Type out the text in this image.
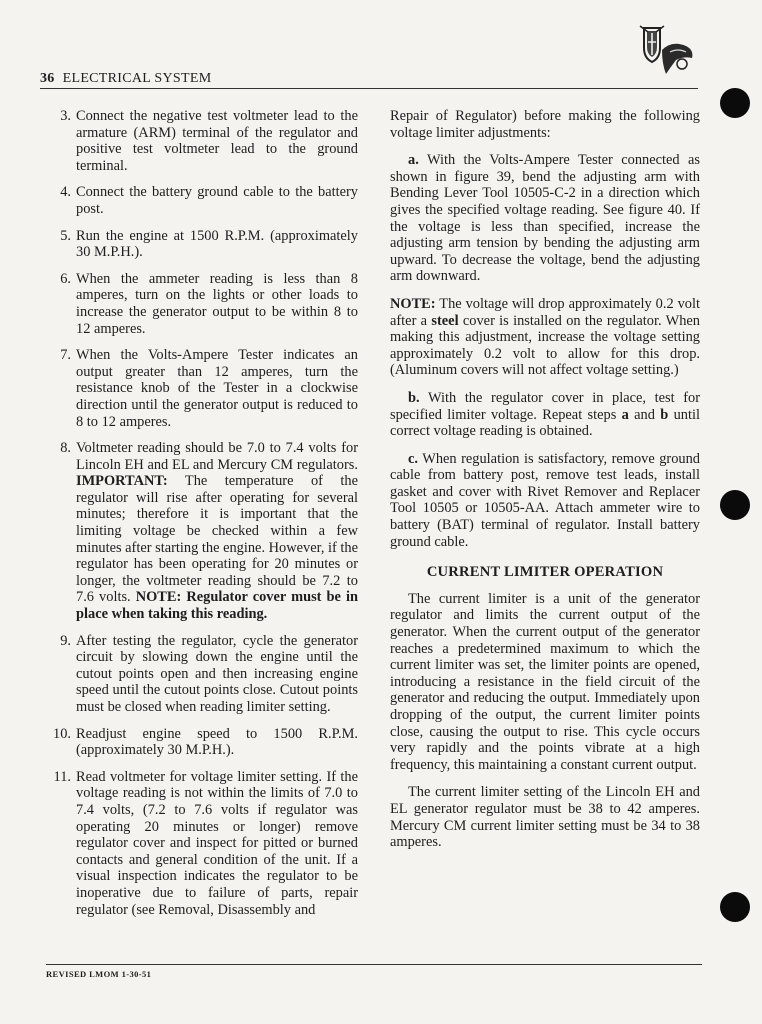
36 ELECTRICAL SYSTEM
3. Connect the negative test voltmeter lead to the armature (ARM) terminal of the regulator and positive test voltmeter lead to the ground terminal.
4. Connect the battery ground cable to the battery post.
5. Run the engine at 1500 R.P.M. (approximately 30 M.P.H.).
6. When the ammeter reading is less than 8 amperes, turn on the lights or other loads to increase the generator output to be within 8 to 12 amperes.
7. When the Volts-Ampere Tester indicates an output greater than 12 amperes, turn the resistance knob of the Tester in a clockwise direction until the generator output is reduced to 8 to 12 amperes.
8. Voltmeter reading should be 7.0 to 7.4 volts for Lincoln EH and EL and Mercury CM regulators. IMPORTANT: The temperature of the regulator will rise after operating for several minutes; therefore it is important that the limiting voltage be checked within a few minutes after starting the engine. However, if the regulator has been operating for 20 minutes or longer, the voltmeter reading should be 7.2 to 7.6 volts. NOTE: Regulator cover must be in place when taking this reading.
9. After testing the regulator, cycle the generator circuit by slowing down the engine until the cutout points open and then increasing engine speed until the cutout points close. Cutout points must be closed when reading limiter setting.
10. Readjust engine speed to 1500 R.P.M. (approximately 30 M.P.H.).
11. Read voltmeter for voltage limiter setting. If the voltage reading is not within the limits of 7.0 to 7.4 volts, (7.2 to 7.6 volts if regulator was operating 20 minutes or longer) remove regulator cover and inspect for pitted or burned contacts and general condition of the unit. If a visual inspection indicates the regulator to be inoperative due to failure of parts, repair regulator (see Removal, Disassembly and

Repair of Regulator) before making the following voltage limiter adjustments:

a. With the Volts-Ampere Tester connected as shown in figure 39, bend the adjusting arm with Bending Lever Tool 10505-C-2 in a direction which gives the specified voltage reading. See figure 40. If the voltage is less than specified, increase the adjusting arm tension by bending the adjusting arm upward. To decrease the voltage, bend the adjusting arm downward.

NOTE: The voltage will drop approximately 0.2 volt after a steel cover is installed on the regulator. When making this adjustment, increase the voltage setting approximately 0.2 volt to allow for this drop. (Aluminum covers will not affect voltage setting.)

b. With the regulator cover in place, test for specified limiter voltage. Repeat steps a and b until correct voltage reading is obtained.

c. When regulation is satisfactory, remove ground cable from battery post, remove test leads, install gasket and cover with Rivet Remover and Replacer Tool 10505 or 10505-AA. Attach ammeter wire to battery (BAT) terminal of regulator. Install battery ground cable.

CURRENT LIMITER OPERATION

The current limiter is a unit of the generator regulator and limits the current output of the generator. When the current output of the generator reaches a predetermined maximum to which the current limiter was set, the limiter points are opened, introducing a resistance in the field circuit of the generator and reducing the output. Immediately upon dropping of the output, the current limiter points close, causing the output to rise. This cycle occurs very rapidly and the points vibrate at a high frequency, this maintaining a constant current output.

The current limiter setting of the Lincoln EH and EL generator regulator must be 38 to 42 amperes. Mercury CM current limiter setting must be 34 to 38 amperes.

REVISED LMOM 1-30-51
